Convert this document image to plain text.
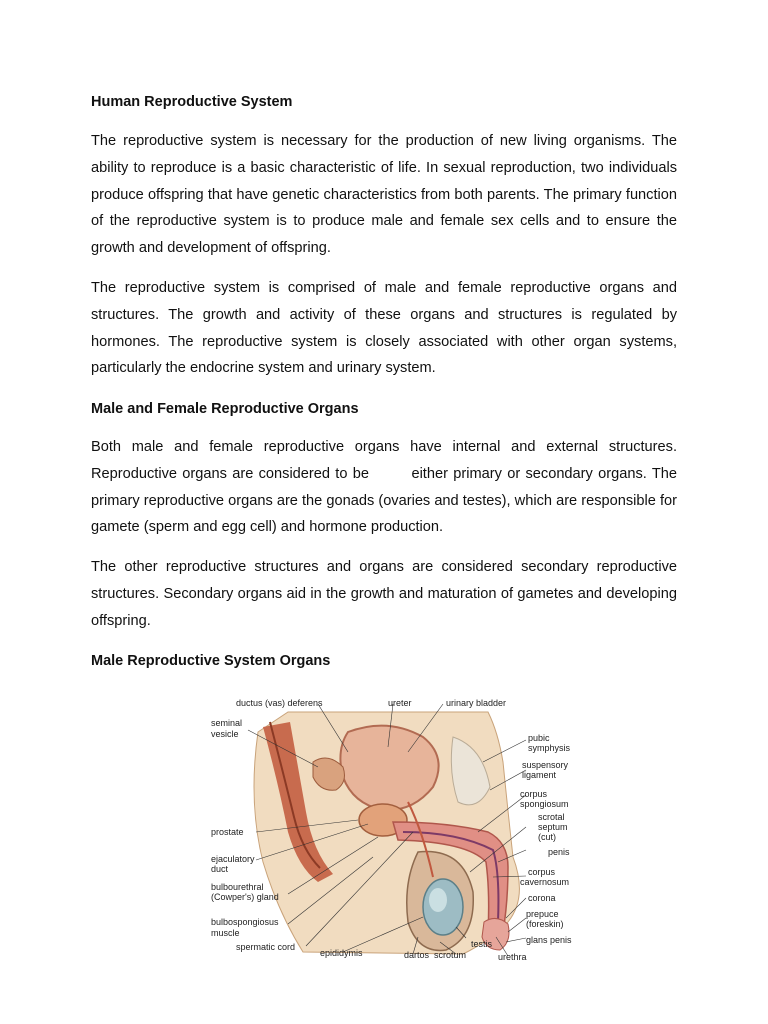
Human Reproductive System

The reproductive system is necessary for the production of new living organisms. The ability to reproduce is a basic characteristic of life. In sexual reproduction, two individuals produce offspring that have genetic characteristics from both parents. The primary function of the reproductive system is to produce male and female sex cells and to ensure the growth and development of offspring.

The reproductive system is comprised of male and female reproductive organs and structures. The growth and activity of these organs and structures is regulated by hormones. The reproductive system is closely associated with other organ systems, particularly the endocrine system and urinary system.

Male and Female Reproductive Organs

Both male and female reproductive organs have internal and external structures. Reproductive organs are considered to be        either primary or secondary organs. The primary reproductive organs are the gonads (ovaries and testes), which are responsible for gamete (sperm and egg cell) and hormone production.

The other reproductive structures and organs are considered secondary reproductive structures. Secondary organs aid in the growth and maturation of gametes and developing offspring.

Male Reproductive System Organs
ductus (vas) deferens	ureter	urinary bladder
seminal
vesicle	pubic
symphysis
suspensory
ligament
corpus
spongiosum
scrotal
septum
(cut)
prostate
penis
ejaculatory
duct	corpus
cavernosum
bulbourethral
(Cowper's) gland	corona
bulbospongiosus
muscle
prepuce
(foreskin)
spermatic cord
glans penis
testis
epididymis	dartos scrotum	urethra
